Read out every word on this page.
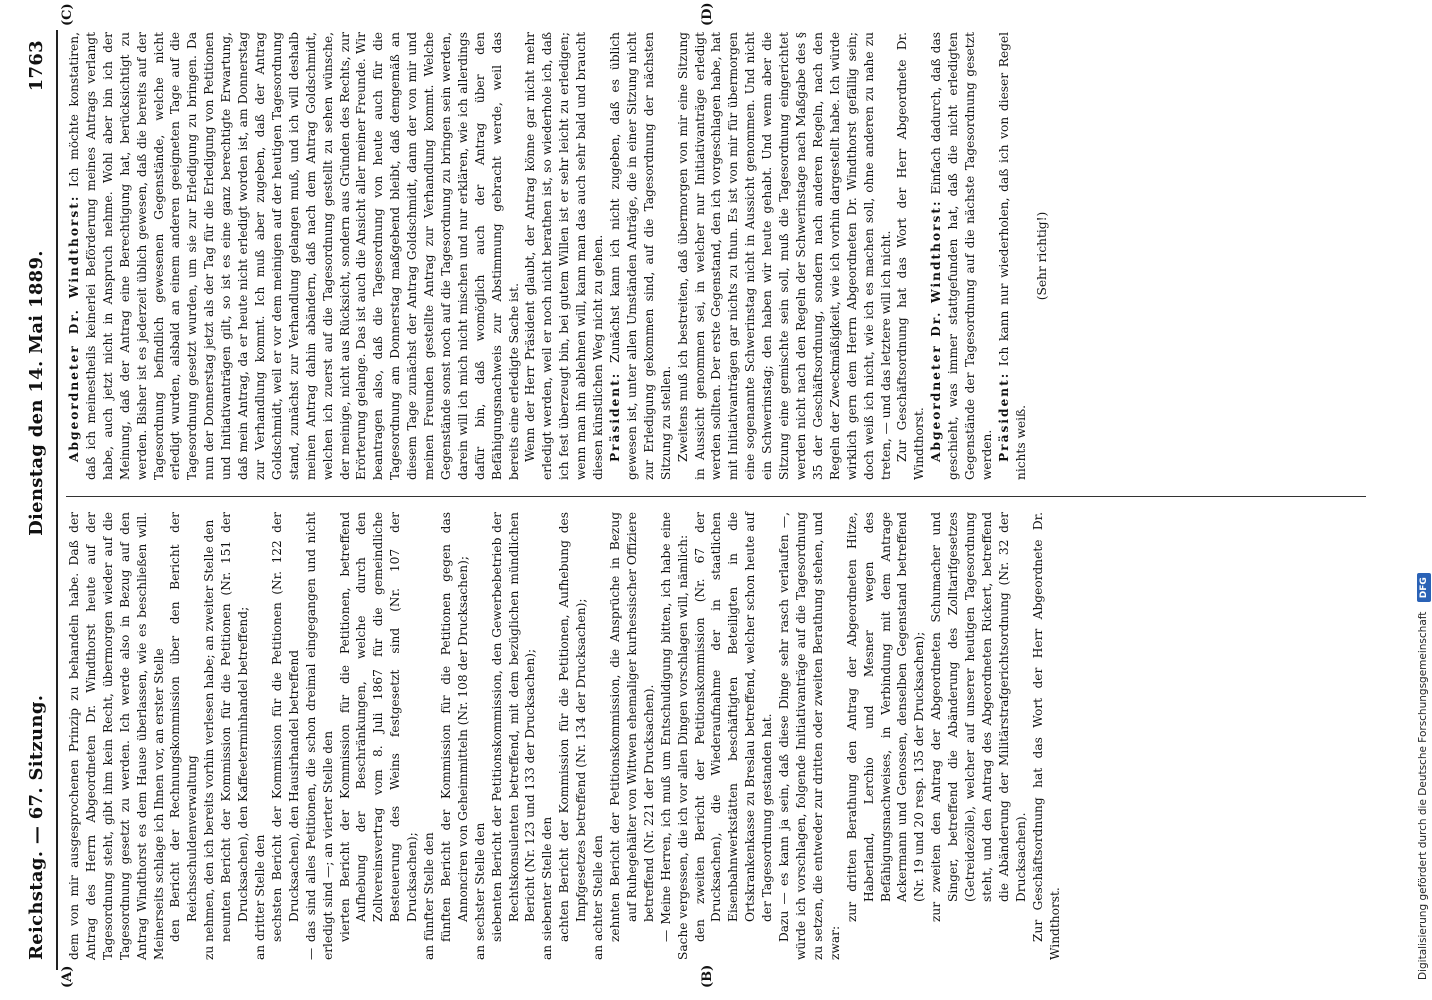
Reichstag. — 67. Sitzung.
Dienstag den 14. Mai 1889.
1763
(A)	(B)
(C)	(D)

dem von mir ausgesprochenen Prinzip zu behandeln habe. Daß der Antrag des Herrn Abgeordneten Dr. Windthorst heute auf der Tagesordnung steht, gibt ihm kein Recht, übermorgen wieder auf die Tagesordnung gesetzt zu werden. Ich werde also in Bezug auf den Antrag Windthorst es dem Hause überlassen, wie es beschließen will. Meinerseits schlage ich Ihnen vor, an erster Stelle den Bericht der Rechnungskommission über den Bericht der Reichsschuldenverwaltung zu nehmen, den ich bereits vorhin verlesen habe; an zweiter Stelle den neunten Bericht der Kommission für die Petitionen (Nr. 151 der Drucksachen), den Kaffeeterminhandel betreffend; an dritter Stelle den sechsten Bericht der Kommission für die Petitionen (Nr. 122 der Drucksachen), den Hausirhandel betreffend — das sind alles Petitionen, die schon dreimal eingegangen und nicht erledigt sind —; an vierter Stelle den vierten Bericht der Kommission für die Petitionen, betreffend Aufhebung der Beschränkungen, welche durch den Zollvereinsvertrag vom 8. Juli 1867 für die gemeindliche Besteuerung des Weins festgesetzt sind (Nr. 107 der Drucksachen); an fünfter Stelle den fünften Bericht der Kommission für die Petitionen gegen das Annonciren von Geheimmitteln (Nr. 108 der Drucksachen); an sechster Stelle den siebenten Bericht der Petitionskommission, den Gewerbebetrieb der Rechtskonsulenten betreffend, mit dem bezüglichen mündlichen Bericht (Nr. 123 und 133 der Drucksachen); an siebenter Stelle den achten Bericht der Kommission für die Petitionen, Aufhebung des Impfgesetzes betreffend (Nr. 134 der Drucksachen); an achter Stelle den zehnten Bericht der Petitionskommission, die Ansprüche in Bezug auf Ruhegehälter von Wittwen ehemaliger kurhessischer Offiziere betreffend (Nr. 221 der Drucksachen). — Meine Herren, ich muß um Entschuldigung bitten, ich habe eine Sache vergessen, die ich vor allen Dingen vorschlagen will, nämlich: den zweiten Bericht der Petitionskommission (Nr. 67 der Drucksachen), die Wiederaufnahme der in staatlichen Eisenbahnwerkstätten beschäftigten Beteiligten in die Ortskrankenkasse zu Breslau betreffend, welcher schon heute auf der Tagesordnung gestanden hat. Dazu — es kann ja sein, daß diese Dinge sehr rasch verlaufen —, würde ich vorschlagen, folgende Initiativanträge auf die Tagesordnung zu setzen, die entweder zur dritten oder zweiten Berathung stehen, und zwar:

zur dritten Berathung den Antrag der Abgeordneten Hitze, Haberland, Lerchio und Mesner wegen des Befähigungsnachweises, in Verbindung mit dem Antrage Ackermann und Genossen, denselben Gegenstand betreffend (Nr. 19 und 20 resp. 135 der Drucksachen); zur zweiten den Antrag der Abgeordneten Schumacher und Singer, betreffend die Abänderung des Zolltarifgesetzes (Getreidezölle), welcher auf unserer heutigen Tagesordnung steht, und den Antrag des Abgeordneten Rickert, betreffend die Abänderung der Militärstrafgerichtsordnung (Nr. 32 der Drucksachen). Zur Geschäftsordnung hat das Wort der Herr Abgeordnete Dr. Windthorst.

Abgeordneter Dr. Windthorst: Ich möchte konstatiren, daß ich meinestheils keinerlei Beförderung meines Antrags verlangt habe, auch jetzt nicht in Anspruch nehme. Wohl aber bin ich der Meinung, daß der Antrag eine Berechtigung hat, berücksichtigt zu werden. Bisher ist es jederzeit üblich gewesen, daß die bereits auf der Tagesordnung befindlich gewesenen Gegenstände, welche nicht erledigt wurden, alsbald an einem anderen geeigneten Tage auf die Tagesordnung gesetzt wurden, um sie zur Erledigung zu bringen. Da nun der Donnerstag jetzt als der Tag für die Erledigung von Petitionen und Initiativanträgen gilt, so ist es eine ganz berechtigte Erwartung, daß mein Antrag, da er heute nicht erledigt worden ist, am Donnerstag zur Verhandlung kommt. Ich muß aber zugeben, daß der Antrag Goldschmidt, weil er vor dem meinigen auf der heutigen Tagesordnung stand, zunächst zur Verhandlung gelangen muß, und ich will deshalb meinen Antrag dahin abändern, daß nach dem Antrag Goldschmidt, welchen ich zuerst auf die Tagesordnung gestellt zu sehen wünsche, der meinige, nicht aus Rücksicht, sondern aus Gründen des Rechts, zur Erörterung gelange. Das ist auch die Ansicht aller meiner Freunde. Wir beantragen also, daß die Tagesordnung von heute auch für die Tagesordnung am Donnerstag maßgebend bleibt, daß demgemäß an diesem Tage zunächst der Antrag Goldschmidt, dann der von mir und meinen Freunden gestellte Antrag zur Verhandlung kommt. Welche Gegenstände sonst noch auf die Tagesordnung zu bringen sein werden, darein will ich mich nicht mischen und nur erklären, wie ich allerdings dafür bin, daß womöglich auch der Antrag über den Befähigungsnachweis zur Abstimmung gebracht werde, weil das bereits eine erledigte Sache ist. Wenn der Herr Präsident glaubt, der Antrag könne gar nicht mehr erledigt werden, weil er noch nicht berathen ist, so wiederhole ich, daß ich fest überzeugt bin, bei gutem Willen ist er sehr leicht zu erledigen; wenn man ihn ablehnen will, kann man das auch sehr bald und braucht diesen künstlichen Weg nicht zu gehen. Präsident: Zunächst kann ich nicht zugeben, daß es üblich gewesen ist, unter allen Umständen Anträge, die in einer Sitzung nicht zur Erledigung gekommen sind, auf die Tagesordnung der nächsten Sitzung zu stellen. Zweitens muß ich bestreiten, daß übermorgen von mir eine Sitzung in Aussicht genommen sei, in welcher nur Initiativanträge erledigt werden sollten. Der erste Gegenstand, den ich vorgeschlagen habe, hat mit Initiativanträgen gar nichts zu thun. Es ist von mir für übermorgen eine sogenannte Schwerinstag nicht in Aussicht genommen. Und nicht ein Schwerinstag; den haben wir heute gehabt. Und wenn aber die Sitzung eine gemischte sein soll, muß die Tagesordnung eingerichtet werden nicht nach den Regeln der Schwerinstage nach Maßgabe des § 35 der Geschäftsordnung, sondern nach anderen Regeln, nach den Regeln der Zweckmäßigkeit, wie ich vorhin dargestellt habe. Ich würde wirklich gern dem Herrn Abgeordneten Dr. Windthorst gefällig sein; doch weiß ich nicht, wie ich es machen soll, ohne anderen zu nahe zu treten, — und das letztere will ich nicht. Zur Geschäftsordnung hat das Wort der Herr Abgeordnete Dr. Windthorst. Abgeordneter Dr. Windthorst: Einfach dadurch, daß das geschieht, was immer stattgefunden hat, daß die nicht erledigten Gegenstände der Tagesordnung auf die nächste Tagesordnung gesetzt werden. Präsident: Ich kann nur wiederholen, daß ich von dieser Regel nichts weiß.

(Sehr richtig!)

Digitalisierung gefördert durch die Deutsche Forschungsgemeinschaft DFG
